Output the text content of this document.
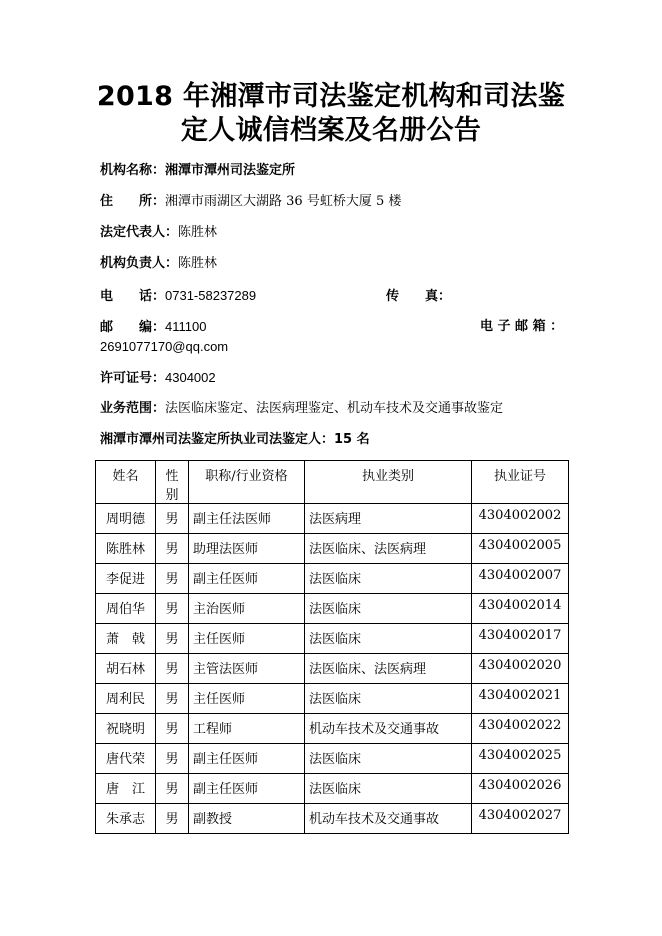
2018 年湘潭市司法鉴定机构和司法鉴
定人诚信档案及名册公告
机构名称：湘潭市潭州司法鉴定所
住　　所：湘潭市雨湖区大湖路 36 号虹桥大厦 5 楼
法定代表人：陈胜林
机构负责人：陈胜林
电　　话：0731-58237289	传　　真：
邮　　编：411100	电 子 邮 箱 ：
2691077170@qq.com
许可证号：4304002
业务范围：法医临床鉴定、法医病理鉴定、机动车技术及交通事故鉴定
湘潭市潭州司法鉴定所执业司法鉴定人：15 名
姓名	性别	职称/行业资格	执业类别	执业证号
周明德	男	副主任法医师	法医病理	4304002002
陈胜林	男	助理法医师	法医临床、法医病理	4304002005
李促进	男	副主任医师	法医临床	4304002007
周伯华	男	主治医师	法医临床	4304002014
萧　戟	男	主任医师	法医临床	4304002017
胡石林	男	主管法医师	法医临床、法医病理	4304002020
周利民	男	主任医师	法医临床	4304002021
祝晓明	男	工程师	机动车技术及交通事故	4304002022
唐代荣	男	副主任医师	法医临床	4304002025
唐　江	男	副主任医师	法医临床	4304002026
朱承志	男	副教授	机动车技术及交通事故	4304002027
